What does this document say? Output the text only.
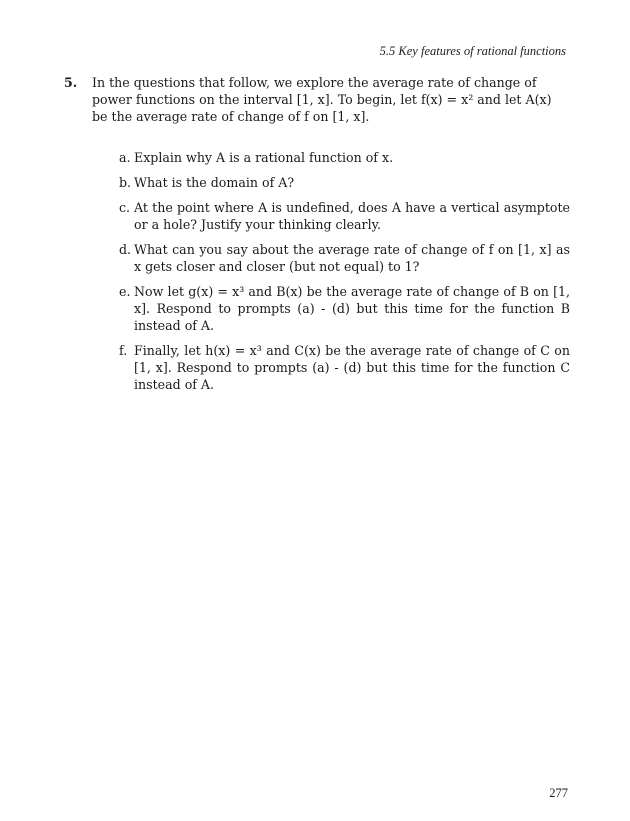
5.5 Key features of rational functions
5. In the questions that follow, we explore the average rate of change of power functions on the interval [1, x]. To begin, let f(x) = x² and let A(x) be the average rate of change of f on [1, x].

a. Explain why A is a rational function of x.
b. What is the domain of A?
c. At the point where A is undefined, does A have a vertical asymptote or a hole? Justify your thinking clearly.
d. What can you say about the average rate of change of f on [1, x] as x gets closer and closer (but not equal) to 1?
e. Now let g(x) = x³ and B(x) be the average rate of change of B on [1, x]. Respond to prompts (a) - (d) but this time for the function B instead of A.
f. Finally, let h(x) = x³ and C(x) be the average rate of change of C on [1, x]. Respond to prompts (a) - (d) but this time for the function C instead of A.
277
